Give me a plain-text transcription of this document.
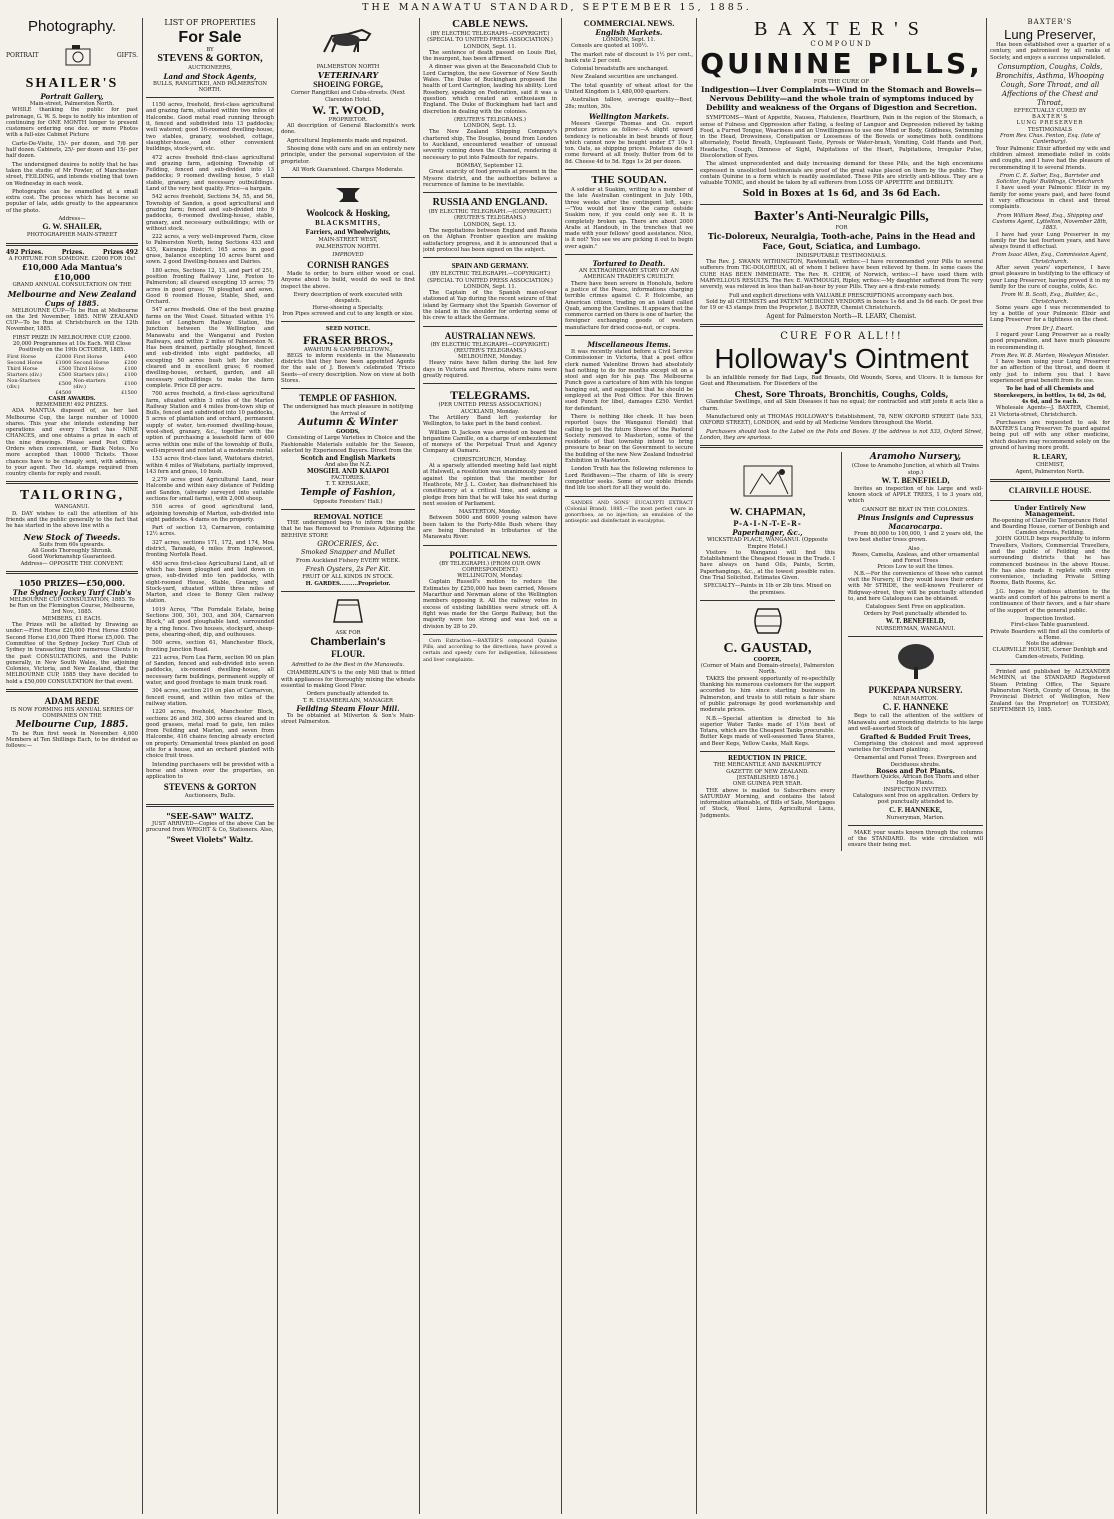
THE MANAWATU STANDARD, SEPTEMBER 15, 1885.
Photography.
PORTRAIT	GIFTS.
SHAILER'S
Portrait Gallery,
Main-street, Palmerston North.

WHILE thanking the public for past patronage, G. W. S. begs to notify his intention of continuing for ONE MONTH longer to present customers ordering one doz. or more Photos with a full-size Cabinet Picture

Carte-De-Visite, 15/- per dozen, and 7/6 per half dozen. Cabinets, 25/- per dozen and 15/- per half dozen.

The undersigned desires to notify that he has taken the studio of Mr Fowler, of Manchester-street, FEILDING, and intends visiting that town on Wednesday in each week.

Photographs can be enamelled at a small extra cost. The process which has become so popular of late, adds greatly to the appearance of the photo.

Address—
G. W. SHAILER,
PHOTOGRAPHER MAIN-STREET
492 Prizes.	Prizes.	Prizes 492
A FORTUNE FOR SOMEONE. £2000 FOR 10s!
£10,000 Ada Mantua's £10,000
GRAND ANNUAL CONSULTATION ON THE
Melbourne and New Zealand
Cups of 1885.

MELBOURNE CUP—To be Run at Melbourne on the 3rd November, 1885. NEW ZEALAND CUP—To be Run at Christchurch on the 12th November, 1885.

FIRST PRIZE IN MELBOURNE CUP, £2000.
20,000 Programmes at 10s Each. Will Close Positively on the 19th OCTOBER, 1885.
First Horse	£2000	First Horse	£400
Second Horse	£1000	Second Horse	£200
Third Horse	£500	Third Horse	£100
Starters (div.)	£500	Starters (div.)	£100
Non-Starters (div.)	£500	Non-starters (div.)	£100
	£4500		£1500
CASH AWARDS.
REMEMBER! 492 PRIZES.

ADA MANTUA disposed of, as her last Melbourne Cup, the large number of 10000 shares. This year she intends extending her operations and every Ticket has NINE CHANCES, and one obtains a prize in each of the nine drawings. Please send Post Office Orders when convenient, or Bank Notes. No more accepted than 10000 Tickets. Those chances have to be cheaply sent, with address, to your agent. Two 1d. stamps required from country clients for reply and result.

TAILORING,
WANGANUI.

D. DAY wishes to call the attention of his friends and the public generally to the fact that he has started in the above line with a

New Stock of Tweeds.
Suits from 60s upwards.
All Goods Thoroughly Shrunk.
Good Workmanship Guaranteed.
Address— OPPOSITE THE CONVENT.
1050 PRIZES—£50,000.
The Sydney Jockey Turf Club's
MELBOURNE CUP CONSULTATION, 1885. To be Run on the Flemington Course, Melbourne, 3rd Nov., 1885.
MEMBERS, £1 EACH.

The Prizes will be allotted by Drawing as under:—First Horse £20,000 First Horse £5000 Second Horse £10,000 Third Horse £5,000. The Committee of the Sydney Jockey Turf Club of Sydney in transacting their numerous Clients in the past CONSULTATIONS, and the Public generally, in New South Wales, the adjoining Colonies, Victoria, and New Zealand, that the MELBOURNE CUP, 1885 they have decided to hold a £50,000 CONSULTATION for that event.

ADAM BEDE
IS NOW FORMING HIS ANNUAL SERIES OF COMPANIES ON THE
Melbourne Cup, 1885.

To be Run first week in November. 4,000 Members at Ten Shillings Each, to be divided as follows:—

LIST OF PROPERTIES
For Sale
BY
STEVENS & GORTON,
AUCTIONEERS,
Land and Stock Agents,
BULLS, RANGITIKEI, AND PALMERSTON NORTH.

1150 acres, freehold, first-class agricultural and grazing farm, situated within two miles of Halcombe. Good metal road running through it, fenced and subdivided into 13 paddocks; well watered; good 16-roomed dwelling-house, two stables, granary, woolshed, cottage, slaughter-house, and other convenient buildings, stock-yard, etc.

472 acres freehold first-class agricultural and grazing farm, adjoining Township of Feilding, fenced and sub-divided into 13 paddocks; 9 roomed dwelling house, 5 stall stable, granary, and necessary outbuildings. Land of the very best quality. Price—a bargain.

542 acres freehold, Sections 54, 55, and 56, Township of Sandon, a good agricultural and grazing farm; fenced and sub-divided into 9 paddocks, 6-roomed dwelling-house, stable, granary, and necessary outbuildings; with or without stock.

222 acres, a very well-improved Farm, close to Palmerston North, being Sections 433 and 435, Kairanga District. 165 acres in good grass, balance excepting 10 acres burnt and sown. 2 good Dwelling-houses and Dairies.

180 acres, Sections 12, 13, and part of 251, position fronting Railway Line, Foxton to Palmerston; all cleared excepting 15 acres; 75 acres in good grass; 70 ploughed and sown. Good 6 roomed House, Stable, Shed, and Orchard.

547 acres freehold. One of the best grazing farms on the West Coast. Situated within 1½ miles of Longburn Railway Station, the Junction between the Wellington and Manawatu and the Wanganui and Foxton Railways, and within 2 miles of Palmerston N. Has been drained, partially ploughed, fenced and sub-divided into eight paddocks, all excepting 50 acres bush left for shelter, cleared and in excellent grass; 6 roomed dwelling-house, orchard, garden, and all necessary outbuildings to make the farm complete. Price £8 per acre.

700 acres freehold, a first-class agricultural farm, situated within 3 miles of the Marton Railway Station and 4 miles from-town ship of Bulls, fenced and subdivided into 10 paddocks, 5 acres of plantation and orchard, permanent supply of water, ten-roomed dwelling-house, wool-shed, granary, &c., together with the option of purchasing a leasehold farm of 400 acres within one mile of the township of Bulls, well-improved and rented at a moderate rental.

153 acres first-class land, Waitotara district, within 4 miles of Waitotara, partially improved, 143 fern and grass, 10 bush.

2,279 acres good Agricultural Land, near Halcombe and within easy distance of Feilding and Sandon, (already surveyed into suitable sections for small farms), with 2,000 sheep.

516 acres of good agricultural land, adjoining township of Marton, sub-divided into eight paddocks. 4 dams on the property.

Part of section 13, Carnarvon, containing 12½ acres.

327 acres, sections 171, 172, and 174, Moa district, Taranaki, 4 miles from Inglewood, fronting Norfolk Road.

450 acres first-class Agricultural Land, all of which has been ploughed and laid down in grass, sub-divided into ten paddocks, with eight-roomed House, Stable, Granary, and Stock-yard, situated within three miles of Marton, and close to Bonny Glen railway station.

1019 Acres, "The Forndale Estate, being Sections 300, 301, 303, and 304, Carnarvon Block," all good ploughable land, surrounded by a ring fence. Two houses, stockyard, sheep-pens, shearing-shed, dip, and outhouses.

500 acres, section 61, Manchester Block, fronting Junction Road.

221 acres, Fern Lea Farm, section 90 on plan of Sandon, fenced and sub-divided into seven paddocks, six-roomed dwelling-house, all necessary farm buildings, permanent supply of water, and good frontage to main trunk road.

304 acres, section 219 on plan of Carnarvon, fenced round, and within two miles of the railway station.

1220 acres, freehold, Manchester Block, sections 26 and 302, 300 acres cleared and in good grasses, metal road to gate, ten miles from Feilding and Marton, and seven from Halcombe, 416 chains fencing already erected on property. Ornamental trees planted on good site for a house, and an orchard planted with choice fruit trees.

Intending purchasers will be provided with a horse and shown over the properties, on application to

STEVENS & GORTON
Auctioneers, Bulls.
"SEE-SAW" WALTZ.

JUST ARRIVED—Copies of the above Can be procured from WRIGHT & Co, Stationers. Also,

"Sweet Violets" Waltz.
PALMERSTON NORTH
VETERINARY
SHOEING FORGE,
Corner Rangitikei and Cuba-streets. (Next Clarendon Hotel.
W. T. WOOD,
PROPRIETOR.

All description of General Blacksmith's work done.

Agricultural Implements made and repaired.

Shoeing done with care and on an entirely new principle, under the personal supervision of the proprietor.

All Work Guaranteed. Charges Moderate.
Woolcock & Hosking,
BLACKSMITHS,
Farriers, and Wheelwrights,
MAIN-STREET WEST,
PALMERSTON NORTH.
IMPROVED
CORNISH RANGES

Made to order, to burn either wood or coal. Anyone about to build, would do well to first inspect the above.

Every description of work executed with despatch.
Horse-shoeing a Specialty.
Iron Pipes screwed and cut to any length or size.
SEED NOTICE.
FRASER BROS.,
AWAHURI & CAMPBELLTOWN.,

BEGS to inform residents in the Manawatu districts that they have been appointed Agents for the sale of J. Bowen's celebrated 'Frisco Seeds—of every description. Now on view at both Stores.

TEMPLE OF FASHION.
The undersigned has much pleasure in notifying the Arrival of
Autumn & Winter
GOODS,

Consisting of Large Varieties in Choice and the Fashionable Materials suitable for the Season, selected by Experienced Buyers. Direct from the

Scotch and English Markets
And also the N.Z.
MOSGIEL AND KAIAPOI
FACTORIES.
T. T. KERSLAKE,
Temple of Fashion,
Opposite Foresters' Hall.)
REMOVAL NOTICE

THE undersigned begs to inform the public that he has Removed to Premises Adjoining the BEEHIVE STORE

GROCERIES, &c.
Smoked Snapper and Mullet
From Auckland Fishery EVERY WEEK.
Fresh Oysters, 2s Per Kit.
FRUIT OF ALL KINDS IN STOCK.
H. GARDES..........Proprietor.
ASK FOR
Chamberlain's
FLOUR.
Admitted to be the Best in the Manawatu.

CHAMBERLAIN'S is the only Mill that is fitted with appliances for thoroughly mixing the wheats essential to making Good Flour.

Orders punctually attended to.
T. R. CHAMBERLAIN, MANAGER
Feilding Steam Flour Mill.

To be obtained at Milverton & Son's Main-street Palmerston.

CABLE NEWS.
(BY ELECTRIC TELEGRAPH—COPYRIGHT.) (SPECIAL TO UNITED PRESS ASSOCIATION.)
LONDON, Sept. 11.

The sentence of death passed on Louis Riel, the insurgent, has been affirmed.

A dinner was given at the Beaconsfield Club to Lord Carington, the new Governor of New South Wales. The Duke of Buckingham proposed the health of Lord Carington, lauding his ability. Lord Rosebery, speaking on Federation, said it was a question which created an enthusiasm in England. The Duke of Buckingham had tact and discretion in dealing with the colonies.

(REUTER'S TELEGRAMS.)
LONDON, Sept. 13.

The New Zealand Shipping Company's chartered ship, The Douglas, bound from London to Auckland, encountered weather of unusual severity coming down the Channel, rendering it necessary to put into Falmouth for repairs.

BOMBAY, September 12.

Great scarcity of food prevails at present in the Mysore district, and the authorities believe a recurrence of famine to be inevitable.

RUSSIA AND ENGLAND.
(BY ELECTRIC TELEGRAPH.—(COPYRIGHT.) (REUTER'S TELEGRAMS.)
LONDON, Sept. 13.

The negotiations between England and Russia on the Afghan Frontier question are making satisfactory progress, and it is announced that a joint protocol has been signed on the subject.

SPAIN AND GERMANY.
(BY ELECTRIC TELEGRAPH.—COPYRIGHT.) (SPECIAL TO UNITED PRESS ASSOCIATION.)
LONDON, Sept. 11.

The Captain of the Spanish man-of-war stationed at Yap during the recent seizure of that island by Germany shot the Spanish Governor of the island in the shoulder for ordering some of his crew to attack the Germans.

AUSTRALIAN NEWS.
(BY ELECTRIC TELEGRAPH—COPYRIGHT.) (REUTER'S TELEGRAMS.)
MELBOURNE, Monday.

Heavy rains have fallen during the last few days in Victoria and Riverina, where rains were greatly required.

TELEGRAMS.
(PER UNITED PRESS ASSOCIATION.)
AUCKLAND, Monday.

The Artillery Band left yesterday for Wellington, to take part in the band contest.

William D. Jackson was arrested on board the brigantine Camille, on a charge of embezzlement of moneys of the Perpetual Trust and Agency Company at Oamaru.

CHRISTCHURCH, Monday.

At a sparsely attended meeting held last night at Halswell, a resolution was unanimously passed against the opinion that the member for Heathcote, Mr J. L. Coster, has disfranchised his constituency at a critical time, and asking a pledge from him that he will take his seat during next session of Parliament.

MASTERTON, Monday.

Between 5000 and 6000 young salmon have been taken to the Forty-Mile Bush where they are being liberated in tributaries of the Manawatu River.

POLITICAL NEWS.
(BY TELEGRAPH.) (FROM OUR OWN CORRESPONDENT.)
WELLINGTON, Monday.

Captain Russell's motion to reduce the Estimates by £250,000 has been carried, Messrs Macarthur and Newman alone of the Wellington members opposing it. All the railway votes in excess of existing liabilities were struck off. A fight was made for the Gorge Railway, but the majority were too strong and was lost on a division by 28 to 29.

Corn Extraction.—BAXTER'S compound Quinine Pills, and according to the directions, have proved a certain and speedy cure for indigestion, biliousness and liver complaints.

COMMERCIAL NEWS.
English Markets.
LONDON, Sept. 11.

Consols are quoted at 100½.

The market rate of discount is 1½ per cent., bank rate 2 per cent.

Colonial breadstuffs are unchanged.

New Zealand securities are unchanged.

The total quantity of wheat afloat for the United Kingdom is 1,480,000 quarters.

Australian tallow, average quality—Beef, 28s; mutton, 30s.

Wellington Markets.

Messrs George Thomas and Co. report produce prices as follow:—A slight upward tendency is noticeable in best brands of flour, which cannot now be bought under £7 10s 1 ton. Oats, as shipping prices. Potatoes do not come forward at all freely. Butter from 6d to 8d. Cheese 4d to 5d. Eggs 1s 2d per dozen.

THE SOUDAN.

A soldier at Suakim, writing to a member of the late Australian contingent in July 10th, three weeks after the contingent left, says:—"You would not know the camp outside Suakim now, if you could only see it. It is completely broken up. There are about 2000 Arabs at Handoub, in the trenches that we made with your fellows' good assistance. Nice, is it not? You see we are picking it out to begin over again."

Tortured to Death.
AN EXTRAORDINARY STORY OF AN AMERICAN TRADER'S CRUELTY.

There have been severe in Honolulu, before a justice of the Peace, informations charging terrible crimes against C. P. Holcombe, an American citizen, trading on an island called Quab, among the Carolines. It appears that the commerce carried on there is one of barter, the foreigner exchanging goods of western manufacture for dried cocoa-nut, or copra.

Miscellaneous Items.

It was recently stated before a Civil Service Commissioner in Victoria, that a post office clerk named Valentine Brown had absolutely had nothing to do for months except sit on a stool and sign for his pay. The Melbourne Punch gave a caricature of him with his tongue hanging out, and suggested that he should be employed at the Post Office. For this Brown sued Punch for libel, damages £250. Verdict for defendant.

There is nothing like cheek. It has been reported (says the Wanganui Herald) that calling to get the future Shows of the Pastoral Society removed to Masterton, some of the residents of that township intend to bring pressure to bear on the Government to secure the building of the new New Zealand Industrial Exhibition in Masterton.

London Truth has the following reference to Lord Reidhaven:—The charm of life is every competitor seeks. Some of our noble friends find life too short for all they would do.

SANDES AND SONS' EUCALYPTI EXTRACT (Colonial Brand). 1885.—The most perfect cure in gonorrhoea, as no injection; an emulsion of the antiseptic and disinfectant in eucalyptus.

BAXTER'S
COMPOUND
QUININE PILLS,
FOR THE CURE OF
Indigestion—Liver Complaints—Wind in the Stomach and Bowels—Nervous Debility—and the whole train of symptoms induced by Debility and weakness of the Organs of Digestion and Secretion.

SYMPTOMS—Want of Appetite, Nausea, Flatulence, Heartburn, Pain in the region of the Stomach, a sense of Fulness and Oppression after Eating, a feeling of Languor and Depression relieved by taking Food, a Furred Tongue, Weariness and an Unwillingness to use one Mind or Body, Giddiness, Swimming in the Head, Drowsiness, Constipation or Looseness of the Bowels or sometimes both conditions alternately, Foetid Breath, Unpleasant Taste, Pyrosis or Water-brash, Vomiting, Cold Hands and Feet, Headache, Cough, Dimness of Sight, Palpitations of the Heart, Palpitations, Irregular Pulse, Discoloration of Eyes.

The almost unprecedented and daily increasing demand for these Pills, and the high encomiums expressed in unsolicited testimonials are proof of the great value placed on them by the public. They contain Quinine in a form which is readily assimilated. These Pills are strictly anti-bilious. They are a valuable TONIC, and should be taken by all sufferers from LOSS OF APPETITE and DEBILITY.

Sold in Boxes at 1s 6d, and 3s 6d Each.
Baxter's Anti-Neuralgic Pills,
FOR
Tic-Doloreux, Neuralgia, Tooth-ache, Pains in the Head and Face, Gout, Sciatica, and Lumbago.
INDISPUTABLE TESTIMONIALS.

The Rev. J. SWANN WITHINGTON, Rawtenstall, writes:—I have recommended your Pills to several sufferers from TIC-DOLOREUX, all of whom I believe have been relieved by them. In some cases the CURE HAS BEEN IMMEDIATE. The Rev. R. CHEW, of Norwich, writes:—I have used them with MARVELLOUS RESULTS. The Rev. E. WATMOUGH, Ripley, writes:—My daughter suffered from Tic very severely, was relieved in less than half-an-hour by your Pills. They are a first-rate remedy.

Full and explicit directions with VALUABLE PRESCRIPTIONS accompany each box.

Sold by all CHEMISTS and PATENT MEDICINE VENDORS in boxes 1s 6d and 3s 6d each. Or post free for 19 or 43 stamps from the Proprietor, J. BAXTER, Chemist Christchurch.

Agent for Palmerston North—R. LEARY, Chemist.
CURE FOR ALL!!!
Holloway's Ointment

Is an infallible remedy for Bad Legs, Bad Breasts, Old Wounds, Sores, and Ulcers. It is famous for Gout and Rheumatism. For Disorders of the

Chest, Sore Throats, Bronchitis, Coughs, Colds,

Glandular Swellings, and all Skin Diseases it has no equal; for contracted and stiff joints it acts like a charm.

Manufactured only at THOMAS HOLLOWAY'S Establishment, 78, NEW OXFORD STREET (late 533, OXFORD STREET), LONDON, and sold by all Medicine Vendors throughout the World.

Purchasers should look to the Label on the Pots and Boxes. If the address is not 533, Oxford Street, London, they are spurious.

W. CHAPMAN,
P-A-I-N-T-E-R-
Paperhanger, &c.,
WICKSTEAD PLACE, WANGANUI. (Opposite Empire Hotel.)

Visitors to Wanganui will find this Establishment the Cheapest House in the Trade. I have always on hand Oils, Paints, Scrim, Paperhangings, &c., at the lowest possible rates. One Trial Solicited. Estimates Given.

SPECIALTY—Paints in 1lb or 2lb tins. Mixed on the premises.
C. GAUSTAD,
COOPER,
(Corner of Main and Domain-streets), Palmerston North.

TAKES the present opportunity of re-spectfully thanking his numerous customers for the support accorded to him since starting business in Palmerston, and trusts to still retain a fair share of public patronage by good workmanship and moderate prices.

N.B.—Special attention is directed to his superior Water Tanks made of 1½in best of Totara, which are the Cheapest Tanks procurable. Butter Kegs made of well-seasoned Tawa Staves, and Beer Kegs, Yellow Casks, Malt Kegs.

REDUCTION IN PRICE.
THE MERCANTILE AND BANKRUPTCY GAZETTE OF NEW ZEALAND.
[ESTABLISHED 1876.]
ONE GUINEA PER YEAR.

THE above is mailed to Subscribers every SATURDAY Morning, and contains the latest information attainable, of Bills of Sale, Mortgages of Stock, Wool Liens, Agricultural Liens, Judgments.

Aramoho Nursery,
(Close to Aramoho Junction, at which all Trains stop.)
W. T. BENEFIELD,

Invites an inspection of his Large and well-known stock of APPLE TREES, 1 to 3 years old, which

CANNOT BE BEAT IN THE COLONIES.
Pinus Insignis and Cupressus Macarocarpa.

From 80,000 to 100,000, 1 and 2 years old, the two best shelter trees grown.

Also ,
Roses, Camelia, Azaleas, and other ornamental and Forest Trees
Prices Low to suit the times.

N.B.—For the convenience of those who cannot visit the Nursery, if they would leave their orders with Mr STRIDE, the well-known Fruiterer of Ridgway-street, they will be punctually attended to, and here Catalogues can be obtained.

Catalogues Sent Free on application.
Orders by Post punctually attended to.
W. T. BENEFIELD,
NURSERYMAN, WANGANUI.
PUKEPAPA NURSERY.
NEAR MARTON.
C. F. HANNEKE

Begs to call the attention of the settlers of Manawatu and surrounding districts to his large and well-assorted Stock of

Grafted & Budded Fruit Trees,

Comprising the choicest and most approved varieties for Orchard planting.

Ornamental and Forest Trees. Evergreen and Deciduous shrubs.
Roses and Pot Plants.
Hawthorn Quicks, African Box Thorn and other Hedge Plants.
INSPECTION INVITED.
Catalogues sent free on application. Orders by post punctually attended to.
C. F. HANNEKE,
Nurseryman, Marton.

MAKE your wants known through the columns of the STANDARD. Its wide circulation will ensure their being met.

BAXTER'S
Lung Preserver,

Has been established over a quarter of a century, and patronised by all ranks of Society, and enjoys a success unparalleled.

Consumption, Coughs, Colds, Bronchitis, Asthma, Whooping Cough, Sore Throat, and all Affections of the Chest and Throat,
EFFECTUALLY CURED BY
BAXTER'S
LUNG PRESERVER
TESTIMONIALS
From Rev. Chas. Fenton, Esq. (late of Canterbury).

Your Palmonic Elixir afforded my wife and children almost immediate relief in colds and coughs, and I have had the pleasure of recommending it to several friends.

From C. E. Salter, Esq., Barrister and Solicitor, Inglis' Buildings, Christchurch

I have used your Palmonic Elixir in my family for some years past, and have found it very efficacious in chest and throat complaints.

From William Reed, Esq., Shipping and Customs Agent, Lyttelton, November 28th, 1883.

I have had your Lung Preserver in my family for the last fourteen years, and have always found it effectual.

From Isaac Allen, Esq., Commission Agent, Christchurch.

After seven years' experience, I have great pleasure in testifying to the efficacy of your Lung Preserver, having proved it in my family for the cure of coughs, colds, &c.

From W. B. Scott, Esq., Builder, &c., Christchurch.

Some years ago I was recommended to try a bottle of your Pulmonic Elixir and Lung Preserver for a tightness on the chest.

From Dr J. Ewart.

I regard your Lung Preserver as a really good preparation, and have much pleasure in recommending it.

From Rev. W. B. Marten, Wesleyan Minister.

I have been using your Lung Preserver for an affection of the throat, and deem it only just to inform you that I have experienced great benefit from its use.

To be had of all Chemists and Storekeepers, in bottles, 1s 6d, 2s 6d, 4s 6d, and 5s each.

Wholesale Agents—J. BAXTER, Chemist, 21 Victoria-street, Christchurch.

Purchasers are requested to ask for BAXTER'S Lung Preserver. To guard against being put off with any other medicine, which dealers may recommend solely on the ground of having more profit.

R. LEARY,
CHEMIST,
Agent, Palmerston North.
CLAIRVILLE HOUSE.
Under Entirely New Management.
Re-opening of Clairville Temperance Hotel and Boarding House, corner of Denbigh and Camden streets, Feilding.

JOHN GOULD begs respectfully to inform Travellers, Visitors, Commercial Travellers, and the public of Feilding and the surrounding districts that he has commenced business in the above House. He has also made it replete with every convenience, including Private Sitting Rooms, Bath Rooms, &c.

J.G. hopes by studious attention to the wants and comfort of his patrons to merit a continuance of their favors, and a fair share of the support of the general public.

Inspection Invited.
First-class Table guaranteed.
Private Boarders will find all the comforts of a Home.
Note the address:
CLAIRVILLE HOUSE, Corner Denbigh and Camden-streets, Feilding.

Printed and published by ALEXANDER McMINN, at the STANDARD Registered Steam Printing Office, The Square Palmerston North, County of Oroua, in the Provincial District of Wellington, New Zealand (as the Proprietor) on TUESDAY, SEPTEMBER 15, 1885.
